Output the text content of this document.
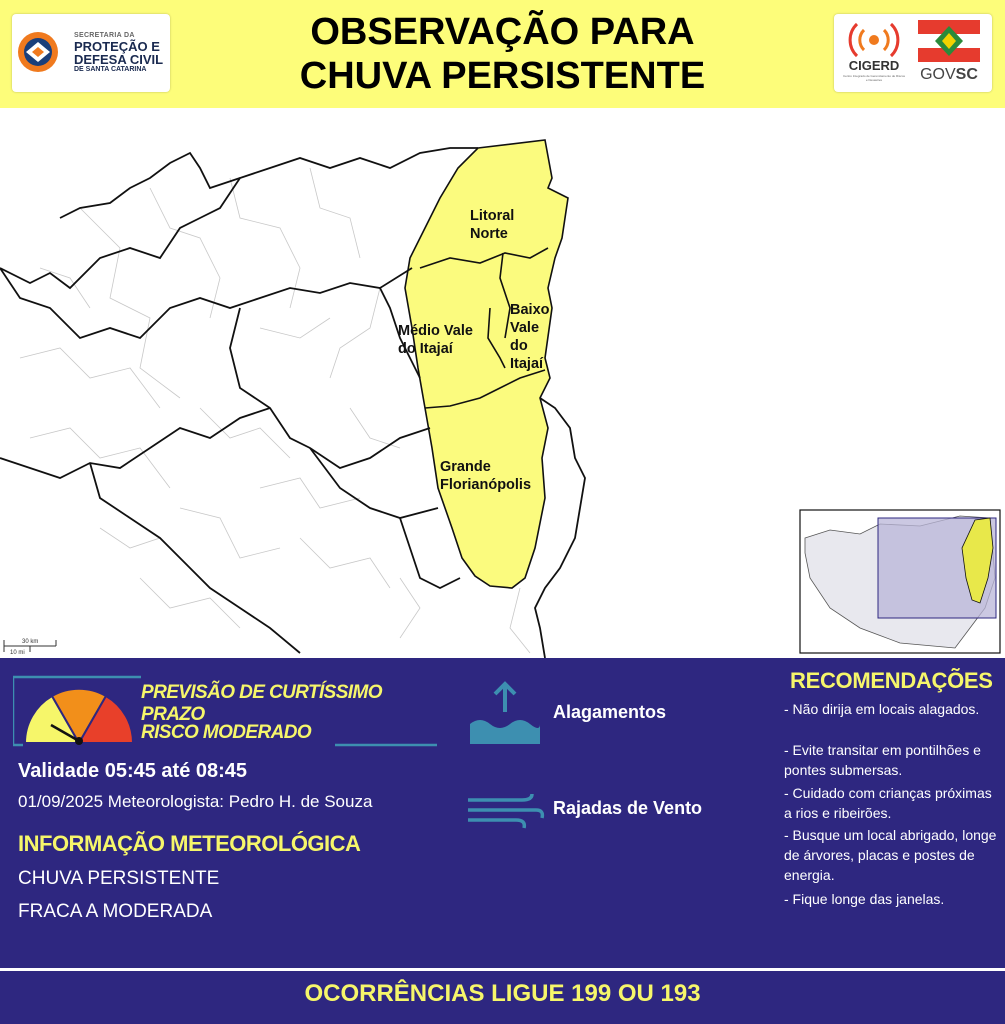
SECRETARIA DA
PROTEÇÃO E
DEFESA CIVIL
DE SANTA CATARINA
OBSERVAÇÃO PARA
CHUVA PERSISTENTE	CIGERD
Centro Integrado de Gerenciamento de Riscos e Desastres	GOVSC
Litoral
Norte
Baixo
Vale
do
Itajaí
Médio Vale
do Itajaí
Grande
Florianópolis
30 km
10 mi
PREVISÃO DE CURTÍSSIMO PRAZO
RISCO MODERADO
Validade 05:45 até 08:45
01/09/2025 Meteorologista: Pedro H. de Souza
INFORMAÇÃO METEOROLÓGICA
CHUVA PERSISTENTE
FRACA A MODERADA
Alagamentos
Rajadas de Vento
RECOMENDAÇÕES
- Não dirija em locais alagados.
- Evite transitar em pontilhões e pontes submersas.
- Cuidado com crianças próximas a rios e ribeirões.
- Busque um local abrigado, longe de árvores, placas e postes de energia.
- Fique longe das janelas.
OCORRÊNCIAS LIGUE 199 OU 193
